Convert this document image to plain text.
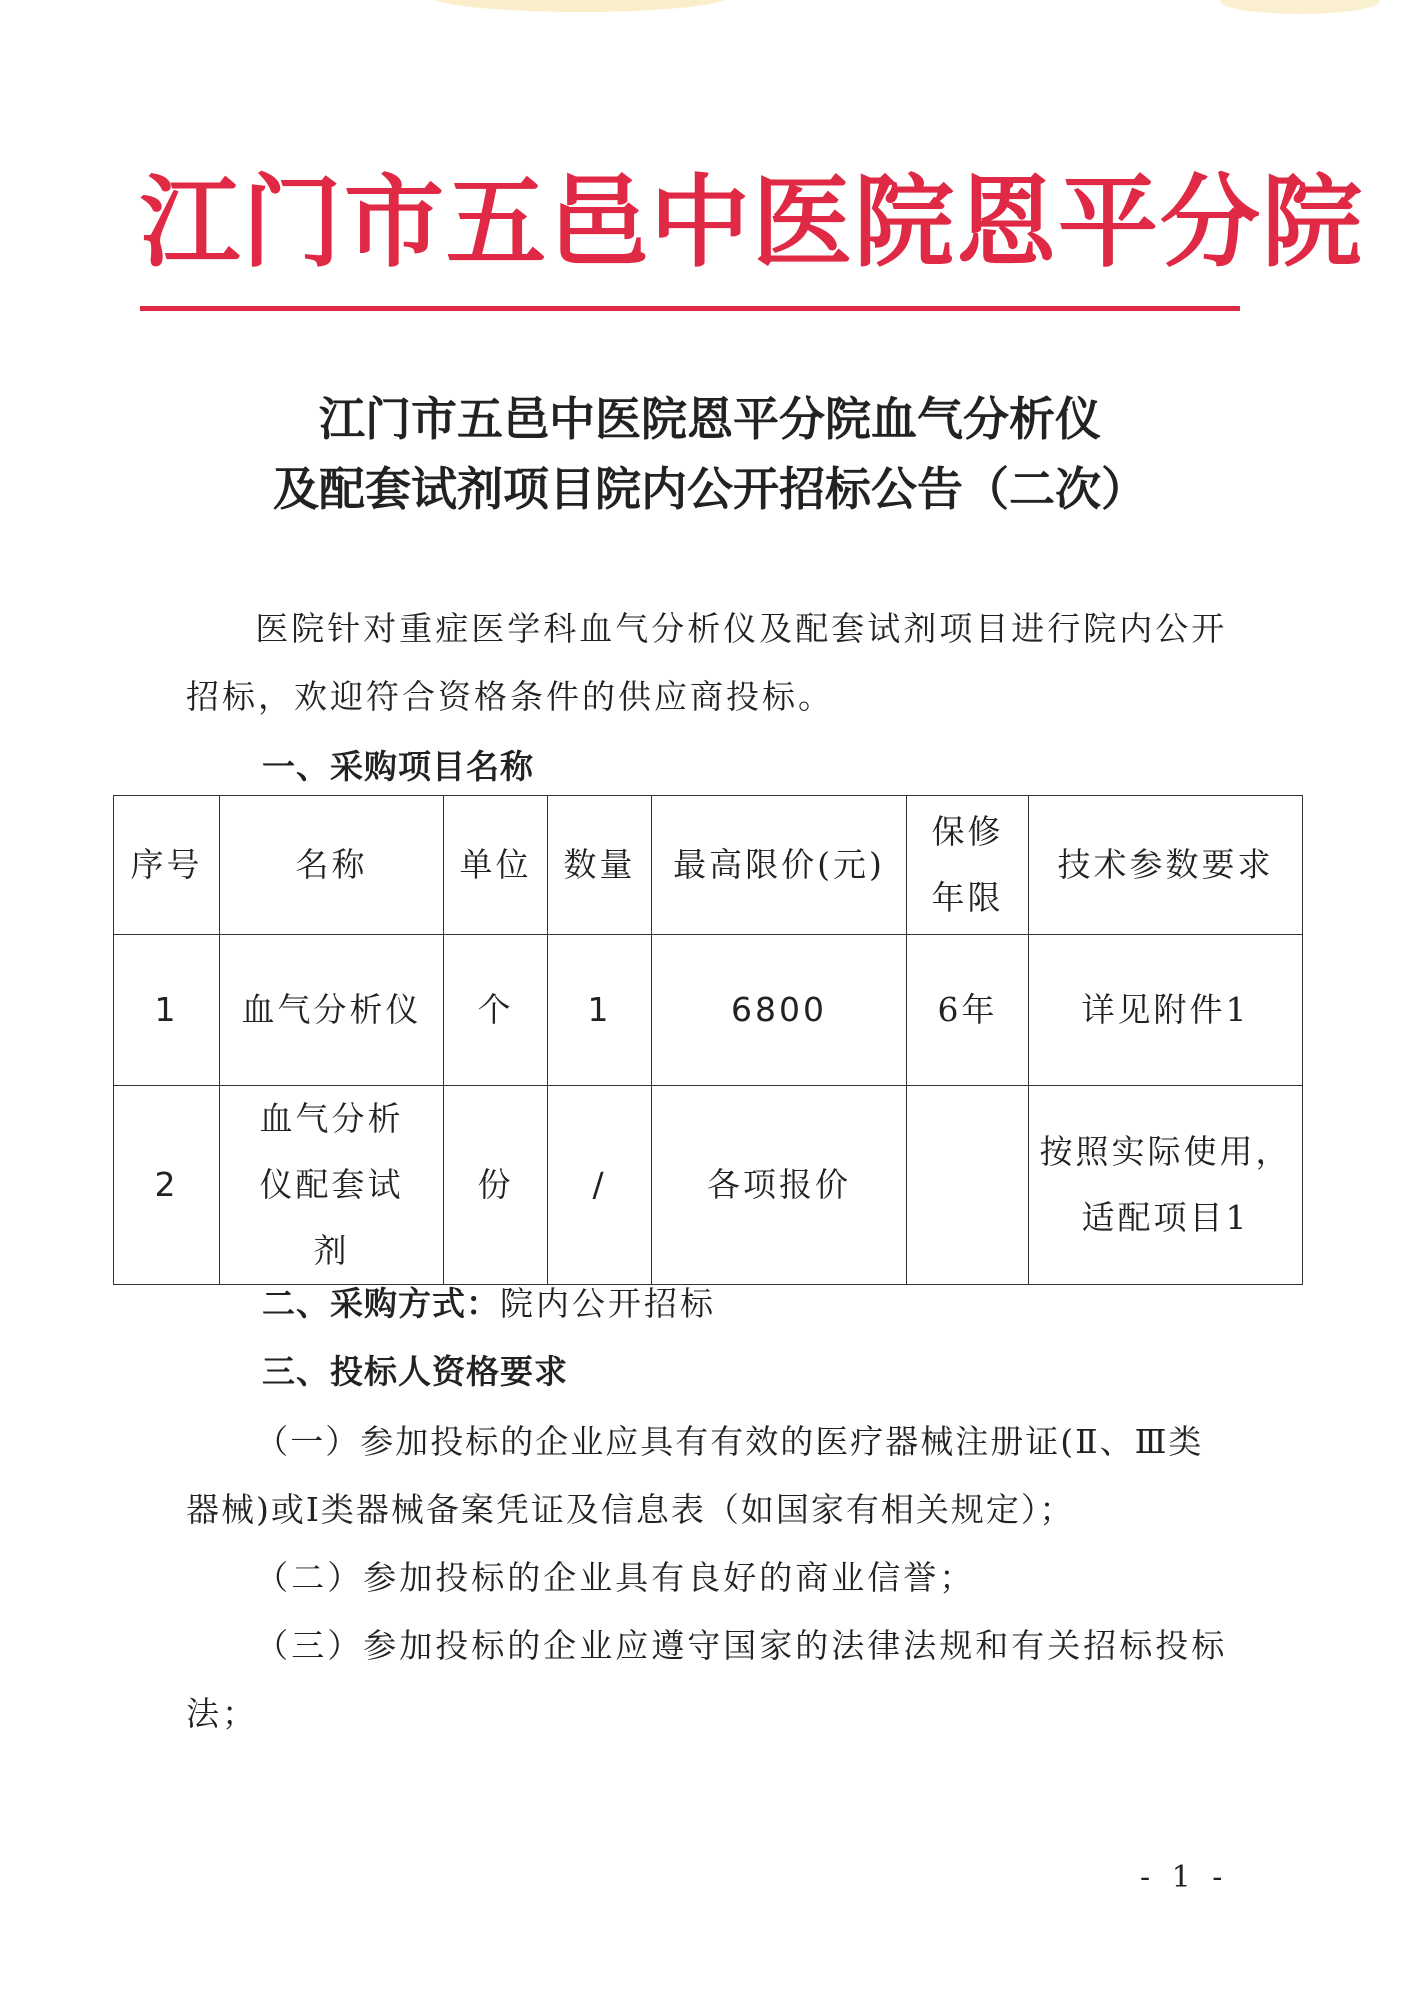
江门市五邑中医院恩平分院
江门市五邑中医院恩平分院血气分析仪
及配套试剂项目院内公开招标公告（二次）

医院针对重症医学科血气分析仪及配套试剂项目进行院内公开招标，欢迎符合资格条件的供应商投标。

一、采购项目名称
序号	名称	单位	数量	最高限价(元)	保修年限	技术参数要求
1	血气分析仪	个	1	6800	6年	详见附件1
2	血气分析仪配套试剂	份	/	各项报价		按照实际使用，适配项目1
二、采购方式：院内公开招标
三、投标人资格要求

（一）参加投标的企业应具有有效的医疗器械注册证(Ⅱ、Ⅲ类器械)或Ⅰ类器械备案凭证及信息表（如国家有相关规定）；

（二）参加投标的企业具有良好的商业信誉；

（三）参加投标的企业应遵守国家的法律法规和有关招标投标法；

- 1 -
